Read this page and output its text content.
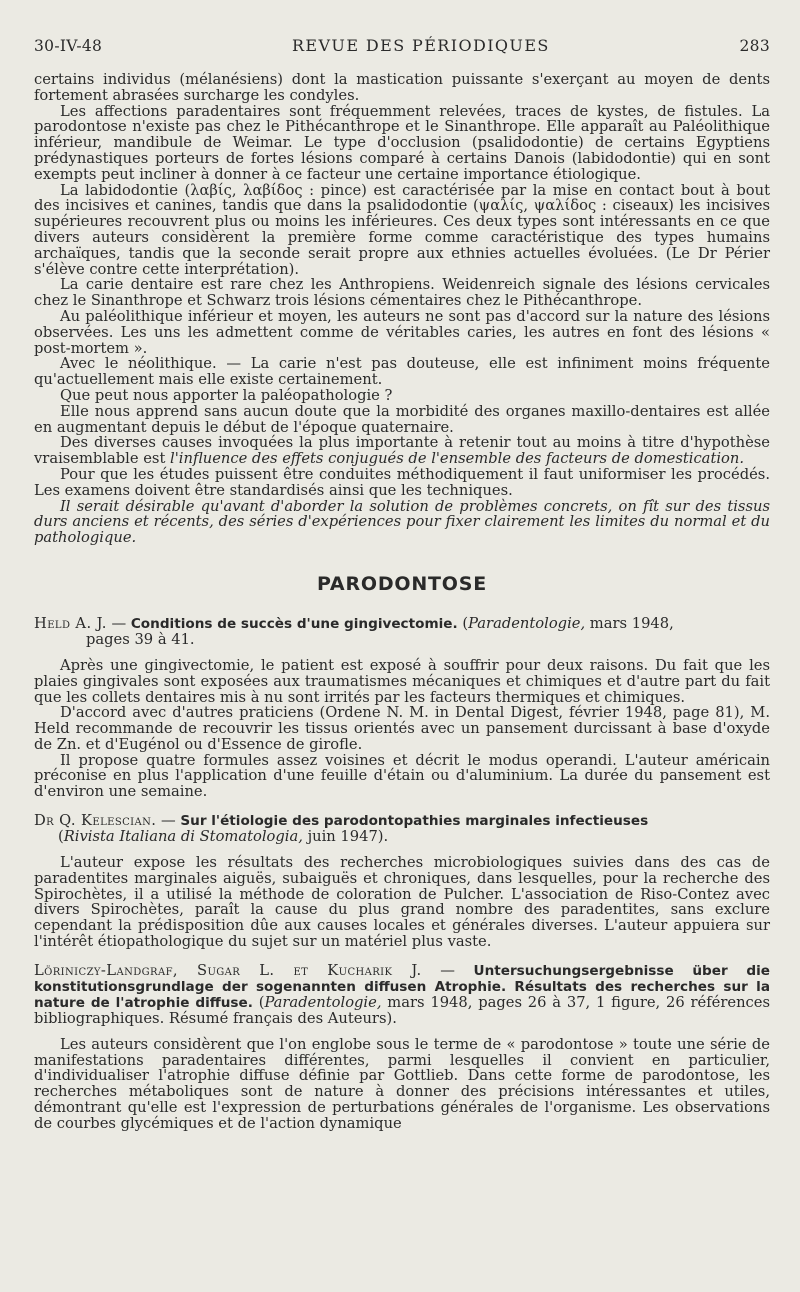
30-IV-48	REVUE DES PÉRIODIQUES	283

certains individus (mélanésiens) dont la mastication puissante s'exerçant au moyen de dents fortement abrasées surcharge les condyles.

Les affections paradentaires sont fréquemment relevées, traces de kystes, de fistules. La parodontose n'existe pas chez le Pithécanthrope et le Sinanthrope. Elle apparaît au Paléolithique inférieur, mandibule de Weimar. Le type d'occlusion (psalidodontie) de certains Egyptiens prédynastiques porteurs de fortes lésions comparé à certains Danois (labidodontie) qui en sont exempts peut incliner à donner à ce facteur une certaine importance étiologique.

La labidodontie (λαβίς, λαβίδος : pince) est caractérisée par la mise en contact bout à bout des incisives et canines, tandis que dans la psalidodontie (ψαλίς, ψαλίδος : ciseaux) les incisives supérieures recouvrent plus ou moins les inférieures. Ces deux types sont intéressants en ce que divers auteurs considèrent la première forme comme caractéristique des types humains archaïques, tandis que la seconde serait propre aux ethnies actuelles évoluées. (Le Dr Périer s'élève contre cette interprétation).

La carie dentaire est rare chez les Anthropiens. Weidenreich signale des lésions cervicales chez le Sinanthrope et Schwarz trois lésions cémentaires chez le Pithécanthrope.

Au paléolithique inférieur et moyen, les auteurs ne sont pas d'accord sur la nature des lésions observées. Les uns les admettent comme de véritables caries, les autres en font des lésions « post-mortem ».

Avec le néolithique. — La carie n'est pas douteuse, elle est infiniment moins fréquente qu'actuellement mais elle existe certainement.

Que peut nous apporter la paléopathologie ?

Elle nous apprend sans aucun doute que la morbidité des organes maxillo-dentaires est allée en augmentant depuis le début de l'époque quaternaire.

Des diverses causes invoquées la plus importante à retenir tout au moins à titre d'hypothèse vraisemblable est l'influence des effets conjugués de l'ensemble des facteurs de domestication.

Pour que les études puissent être conduites méthodiquement il faut uniformiser les procédés. Les examens doivent être standardisés ainsi que les techniques.

Il serait désirable qu'avant d'aborder la solution de problèmes concrets, on fît sur des tissus durs anciens et récents, des séries d'expériences pour fixer clairement les limites du normal et du pathologique.

PARODONTOSE
Held A. J. — Conditions de succès d'une gingivectomie. (Paradentologie, mars 1948,
pages 39 à 41.

Après une gingivectomie, le patient est exposé à souffrir pour deux raisons. Du fait que les plaies gingivales sont exposées aux traumatismes mécaniques et chimiques et d'autre part du fait que les collets dentaires mis à nu sont irrités par les facteurs thermiques et chimiques.

D'accord avec d'autres praticiens (Ordene N. M. in Dental Digest, février 1948, page 81), M. Held recommande de recouvrir les tissus orientés avec un pansement durcissant à base d'oxyde de Zn. et d'Eugénol ou d'Essence de girofle.

Il propose quatre formules assez voisines et décrit le modus operandi. L'auteur américain préconise en plus l'application d'une feuille d'étain ou d'aluminium. La durée du pansement est d'environ une semaine.

Dr Q. Kelescian. — Sur l'étiologie des parodontopathies marginales infectieuses
(Rivista Italiana di Stomatologia, juin 1947).

L'auteur expose les résultats des recherches microbiologiques suivies dans des cas de paradentites marginales aiguës, subaiguës et chroniques, dans lesquelles, pour la recherche des Spirochètes, il a utilisé la méthode de coloration de Pulcher. L'association de Riso-Contez avec divers Spirochètes, paraît la cause du plus grand nombre des paradentites, sans exclure cependant la prédisposition dûe aux causes locales et générales diverses. L'auteur appuiera sur l'intérêt étiopathologique du sujet sur un matériel plus vaste.

Löriniczy-Landgraf, Sugar L. et Kucharik J. — Untersuchungsergebnisse über die konstitutionsgrundlage der sogenannten diffusen Atrophie. Résultats des recherches sur la nature de l'atrophie diffuse. (Paradentologie, mars 1948, pages 26 à 37, 1 figure, 26 références bibliographiques. Résumé français des Auteurs).

Les auteurs considèrent que l'on englobe sous le terme de « parodontose » toute une série de manifestations paradentaires différentes, parmi lesquelles il convient en particulier, d'individualiser l'atrophie diffuse définie par Gottlieb. Dans cette forme de parodontose, les recherches métaboliques sont de nature à donner des précisions intéressantes et utiles, démontrant qu'elle est l'expression de perturbations générales de l'organisme. Les observations de courbes glycémiques et de l'action dynamique
